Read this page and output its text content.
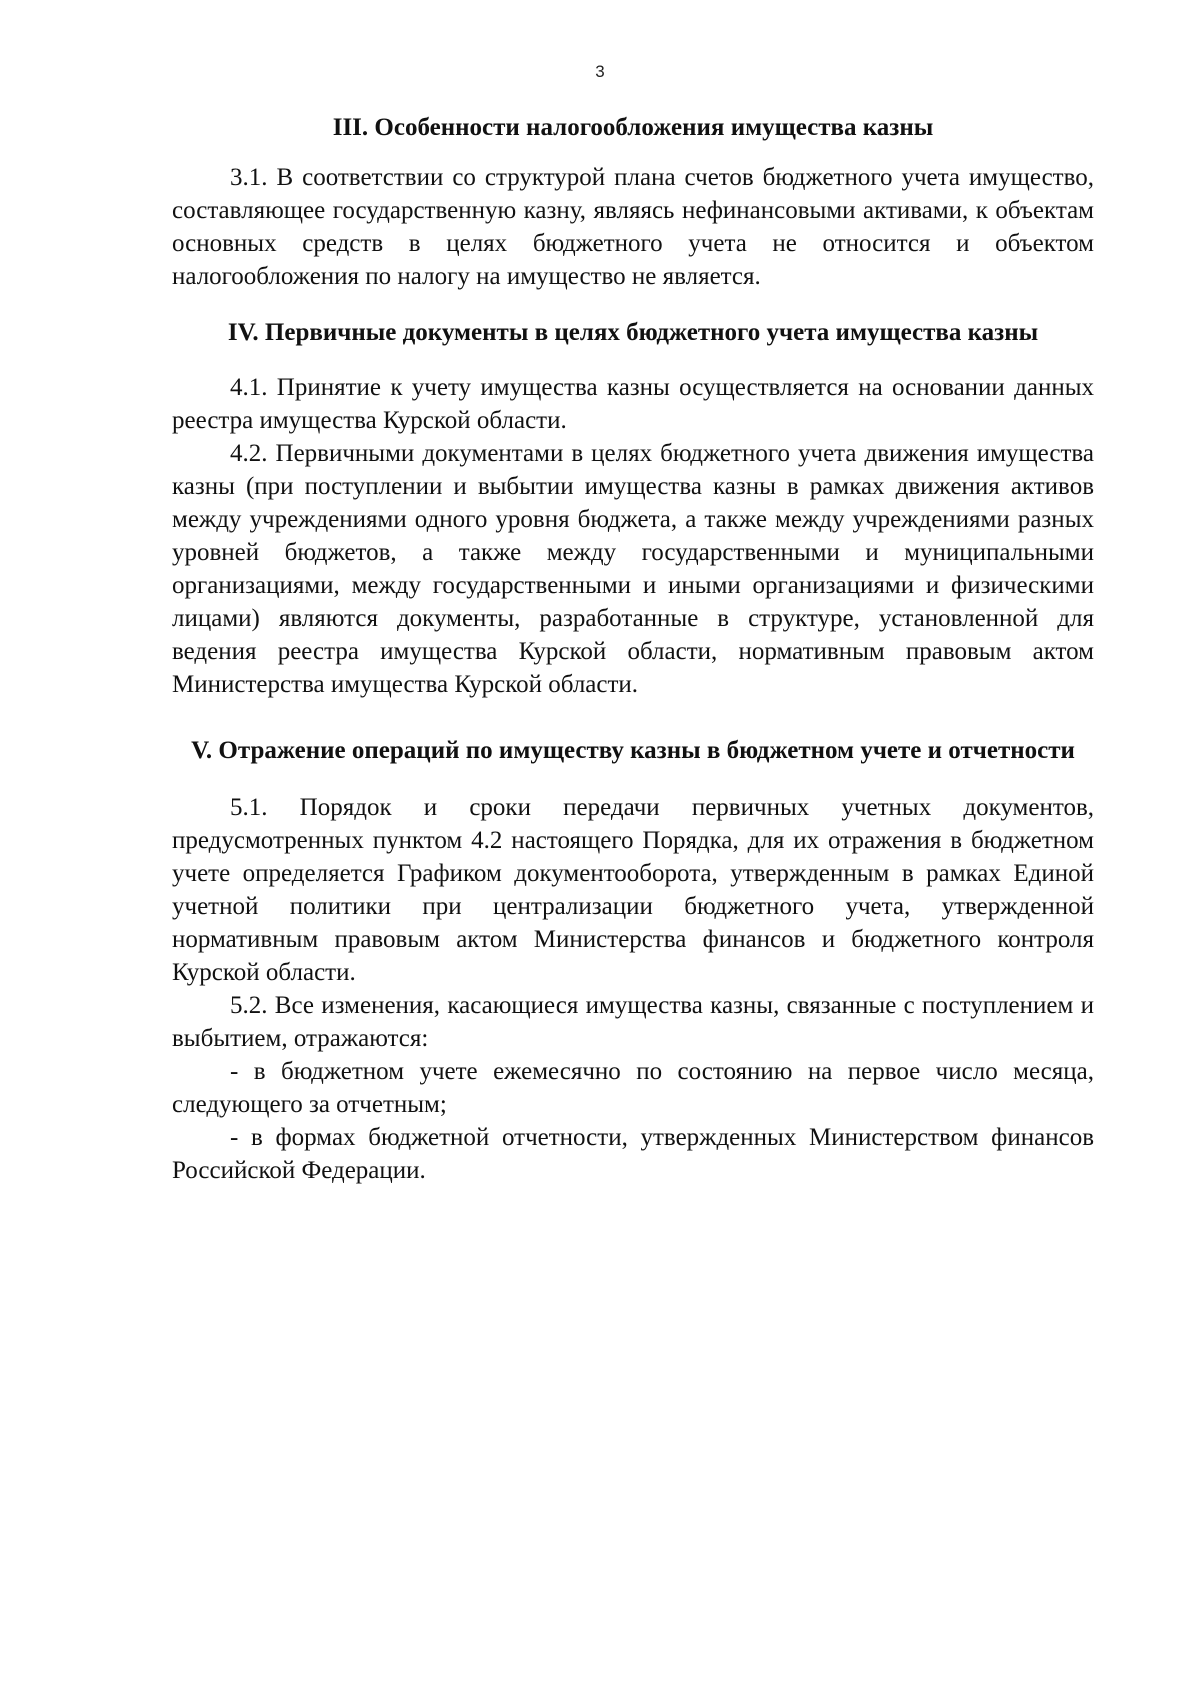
3
III. Особенности налогообложения имущества казны

3.1. В соответствии со структурой плана счетов бюджетного учета имущество, составляющее государственную казну, являясь нефинансовыми активами, к объектам основных средств в целях бюджетного учета не относится и объектом налогообложения по налогу на имущество не является.

IV. Первичные документы в целях бюджетного учета имущества казны

4.1. Принятие к учету имущества казны осуществляется на основании данных реестра имущества Курской области.

4.2. Первичными документами в целях бюджетного учета движения имущества казны (при поступлении и выбытии имущества казны в рамках движения активов между учреждениями одного уровня бюджета, а также между учреждениями разных уровней бюджетов, а также между государственными и муниципальными организациями, между государственными и иными организациями и физическими лицами) являются документы, разработанные в структуре, установленной для ведения реестра имущества Курской области, нормативным правовым актом Министерства имущества Курской области.

V. Отражение операций по имуществу казны в бюджетном учете и отчетности

5.1. Порядок и сроки передачи первичных учетных документов, предусмотренных пунктом 4.2 настоящего Порядка, для их отражения в бюджетном учете определяется Графиком документооборота, утвержденным в рамках Единой учетной политики при централизации бюджетного учета, утвержденной нормативным правовым актом Министерства финансов и бюджетного контроля Курской области.

5.2. Все изменения, касающиеся имущества казны, связанные с поступлением и выбытием, отражаются:

- в бюджетном учете ежемесячно по состоянию на первое число месяца, следующего за отчетным;

- в формах бюджетной отчетности, утвержденных Министерством финансов Российской Федерации.
